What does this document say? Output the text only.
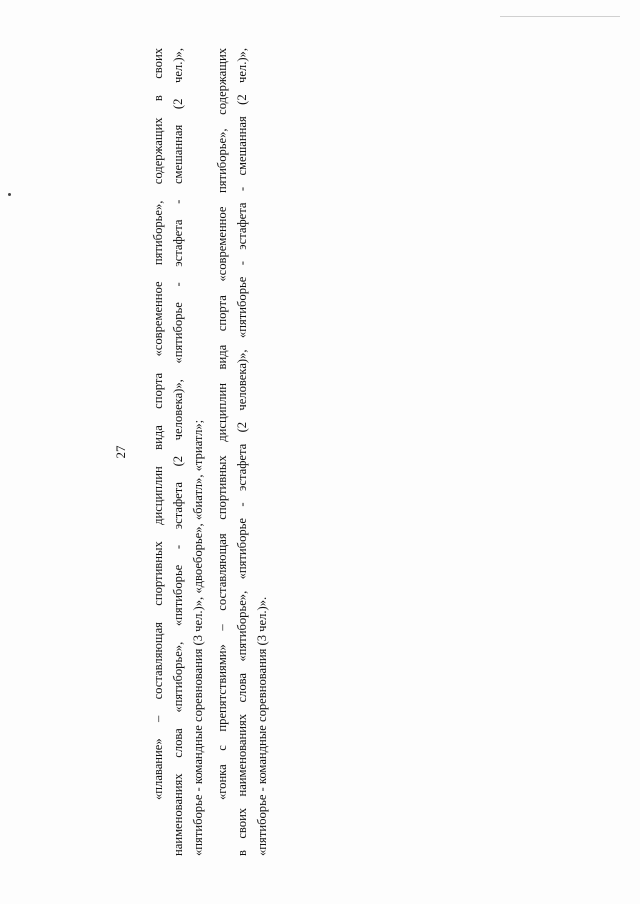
27 «плавание» – составляющая спортивных дисциплин вида спорта «современное пятиборье», содержащих в своих наименованиях слова «пятиборье», «пятиборье - эстафета (2 человека)», «пятиборье - эстафета - смешанная (2 чел.)», «пятиборье - командные соревнования (3 чел.)», «двоеборье», «биатл», «триатл»; «гонка с препятствиями» – составляющая спортивных дисциплин вида спорта «современное пятиборье», содержащих в своих наименованиях слова «пятиборье», «пятиборье - эстафета (2 человека)», «пятиборье - эстафета - смешанная (2 чел.)», «пятиборье - командные соревнования (3 чел.)».
